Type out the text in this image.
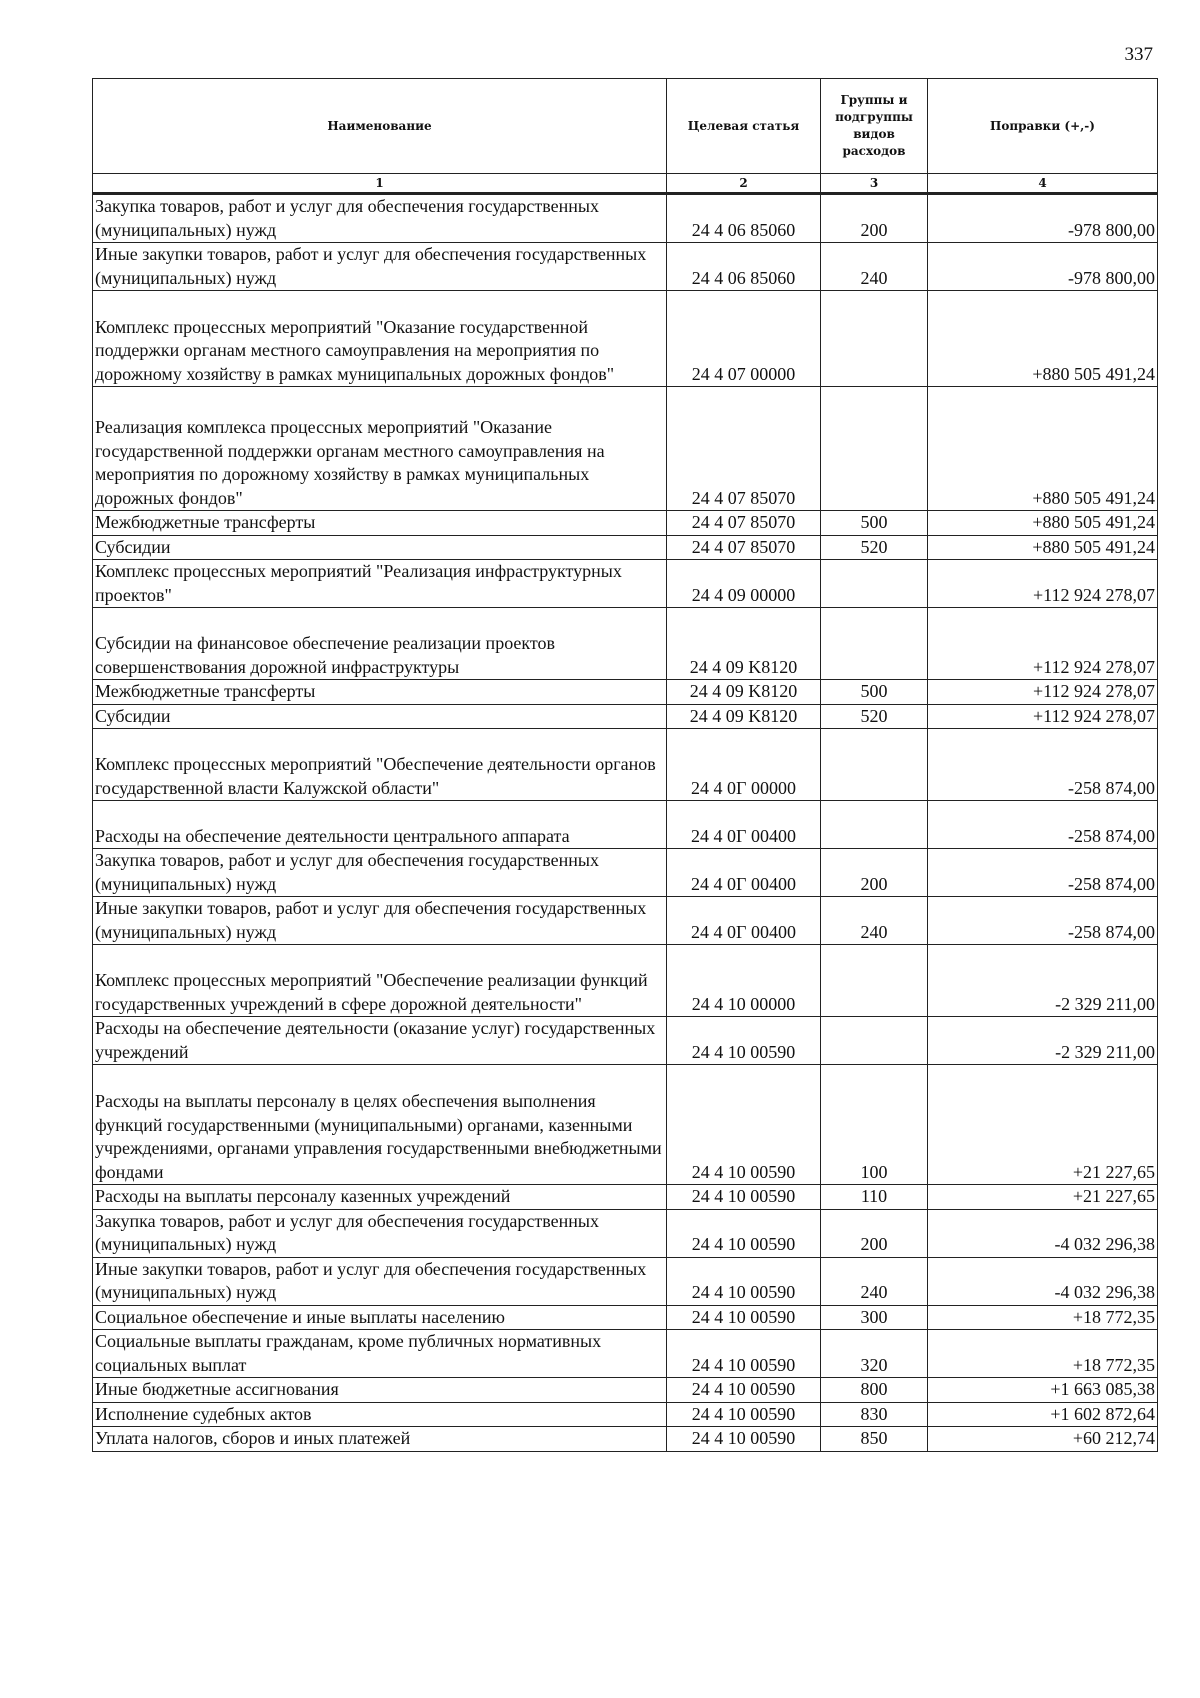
337
Наименование	Целевая статья	Группы и подгруппы видов расходов	Поправки (+,-)
1	2	3	4
Закупка товаров, работ и услуг для обеспечения государственных (муниципальных) нужд	24 4 06 85060	200	-978 800,00
Иные закупки товаров, работ и услуг для обеспечения государственных (муниципальных) нужд	24 4 06 85060	240	-978 800,00
Комплекс процессных мероприятий "Оказание государственной поддержки органам местного самоуправления на мероприятия по дорожному хозяйству в рамках муниципальных дорожных фондов"	24 4 07 00000		+880 505 491,24
Реализация комплекса процессных мероприятий "Оказание государственной поддержки органам местного самоуправления на мероприятия по дорожному хозяйству в рамках муниципальных дорожных фондов"	24 4 07 85070		+880 505 491,24
Межбюджетные трансферты	24 4 07 85070	500	+880 505 491,24
Субсидии	24 4 07 85070	520	+880 505 491,24
Комплекс процессных мероприятий "Реализация инфраструктурных проектов"	24 4 09 00000		+112 924 278,07
Субсидии на финансовое обеспечение реализации проектов совершенствования дорожной инфраструктуры	24 4 09 K8120		+112 924 278,07
Межбюджетные трансферты	24 4 09 K8120	500	+112 924 278,07
Субсидии	24 4 09 K8120	520	+112 924 278,07
Комплекс процессных мероприятий "Обеспечение деятельности органов государственной власти Калужской области"	24 4 0Г 00000		-258 874,00
Расходы на обеспечение деятельности центрального аппарата	24 4 0Г 00400		-258 874,00
Закупка товаров, работ и услуг для обеспечения государственных (муниципальных) нужд	24 4 0Г 00400	200	-258 874,00
Иные закупки товаров, работ и услуг для обеспечения государственных (муниципальных) нужд	24 4 0Г 00400	240	-258 874,00
Комплекс процессных мероприятий "Обеспечение реализации функций государственных учреждений в сфере дорожной деятельности"	24 4 10 00000		-2 329 211,00
Расходы на обеспечение деятельности (оказание услуг) государственных учреждений	24 4 10 00590		-2 329 211,00
Расходы на выплаты персоналу в целях обеспечения выполнения функций государственными (муниципальными) органами, казенными учреждениями, органами управления государственными внебюджетными фондами	24 4 10 00590	100	+21 227,65
Расходы на выплаты персоналу казенных учреждений	24 4 10 00590	110	+21 227,65
Закупка товаров, работ и услуг для обеспечения государственных (муниципальных) нужд	24 4 10 00590	200	-4 032 296,38
Иные закупки товаров, работ и услуг для обеспечения государственных (муниципальных) нужд	24 4 10 00590	240	-4 032 296,38
Социальное обеспечение и иные выплаты населению	24 4 10 00590	300	+18 772,35
Социальные выплаты гражданам, кроме публичных нормативных социальных выплат	24 4 10 00590	320	+18 772,35
Иные бюджетные ассигнования	24 4 10 00590	800	+1 663 085,38
Исполнение судебных актов	24 4 10 00590	830	+1 602 872,64
Уплата налогов, сборов и иных платежей	24 4 10 00590	850	+60 212,74
